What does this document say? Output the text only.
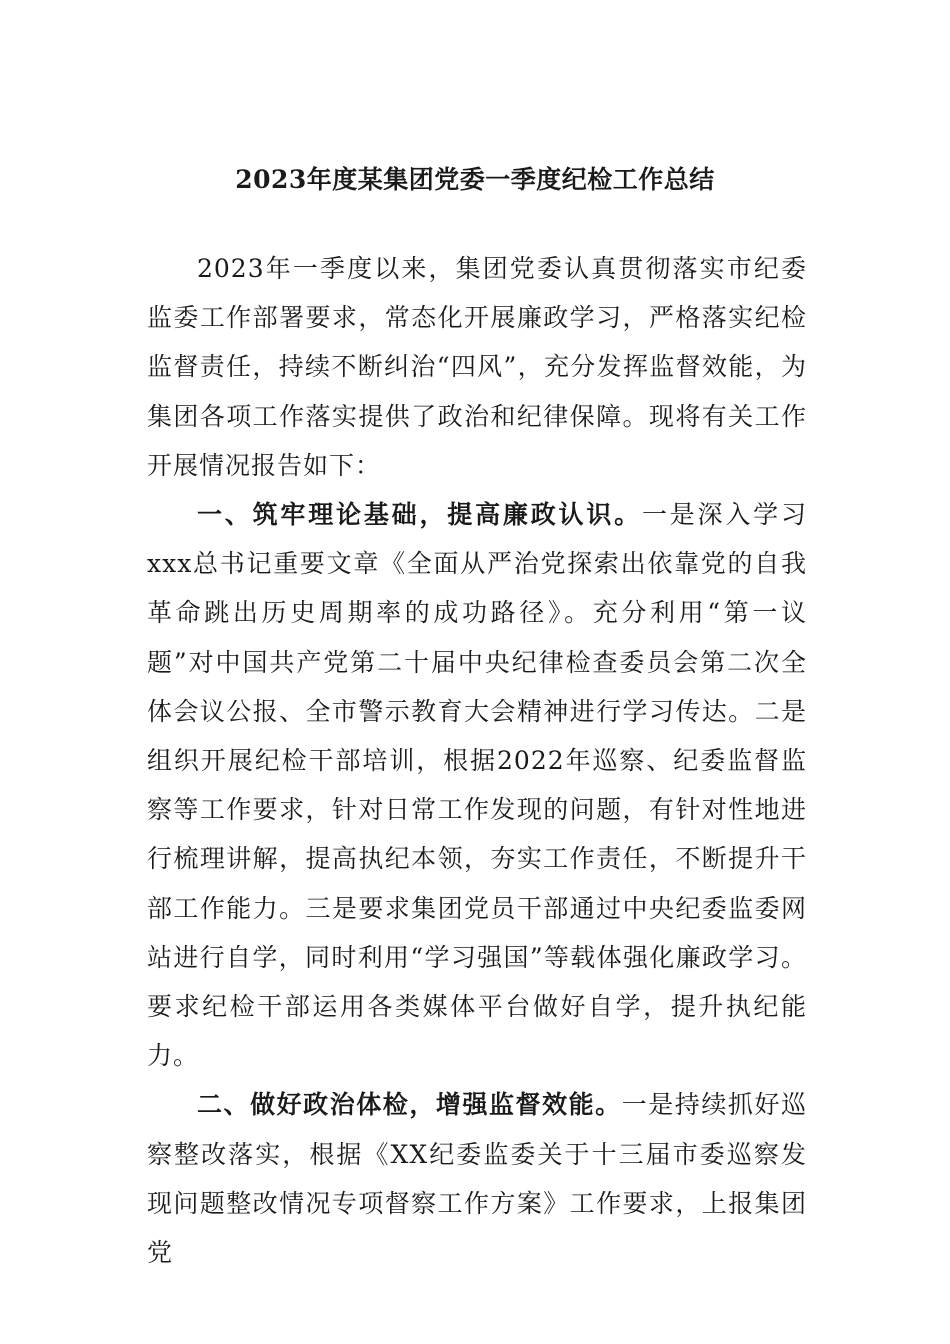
2023年度某集团党委一季度纪检工作总结

2023年一季度以来，集团党委认真贯彻落实市纪委监委工作部署要求，常态化开展廉政学习，严格落实纪检监督责任，持续不断纠治“四风”，充分发挥监督效能，为集团各项工作落实提供了政治和纪律保障。现将有关工作开展情况报告如下：

一、筑牢理论基础，提高廉政认识。一是深入学习xxx总书记重要文章《全面从严治党探索出依靠党的自我革命跳出历史周期率的成功路径》。充分利用“第一议题”对中国共产党第二十届中央纪律检查委员会第二次全体会议公报、全市警示教育大会精神进行学习传达。二是组织开展纪检干部培训，根据2022年巡察、纪委监督监察等工作要求，针对日常工作发现的问题，有针对性地进行梳理讲解，提高执纪本领，夯实工作责任，不断提升干部工作能力。三是要求集团党员干部通过中央纪委监委网站进行自学，同时利用“学习强国”等载体强化廉政学习。要求纪检干部运用各类媒体平台做好自学，提升执纪能力。

二、做好政治体检，增强监督效能。一是持续抓好巡察整改落实，根据《XX纪委监委关于十三届市委巡察发现问题整改情况专项督察工作方案》工作要求，上报集团党
